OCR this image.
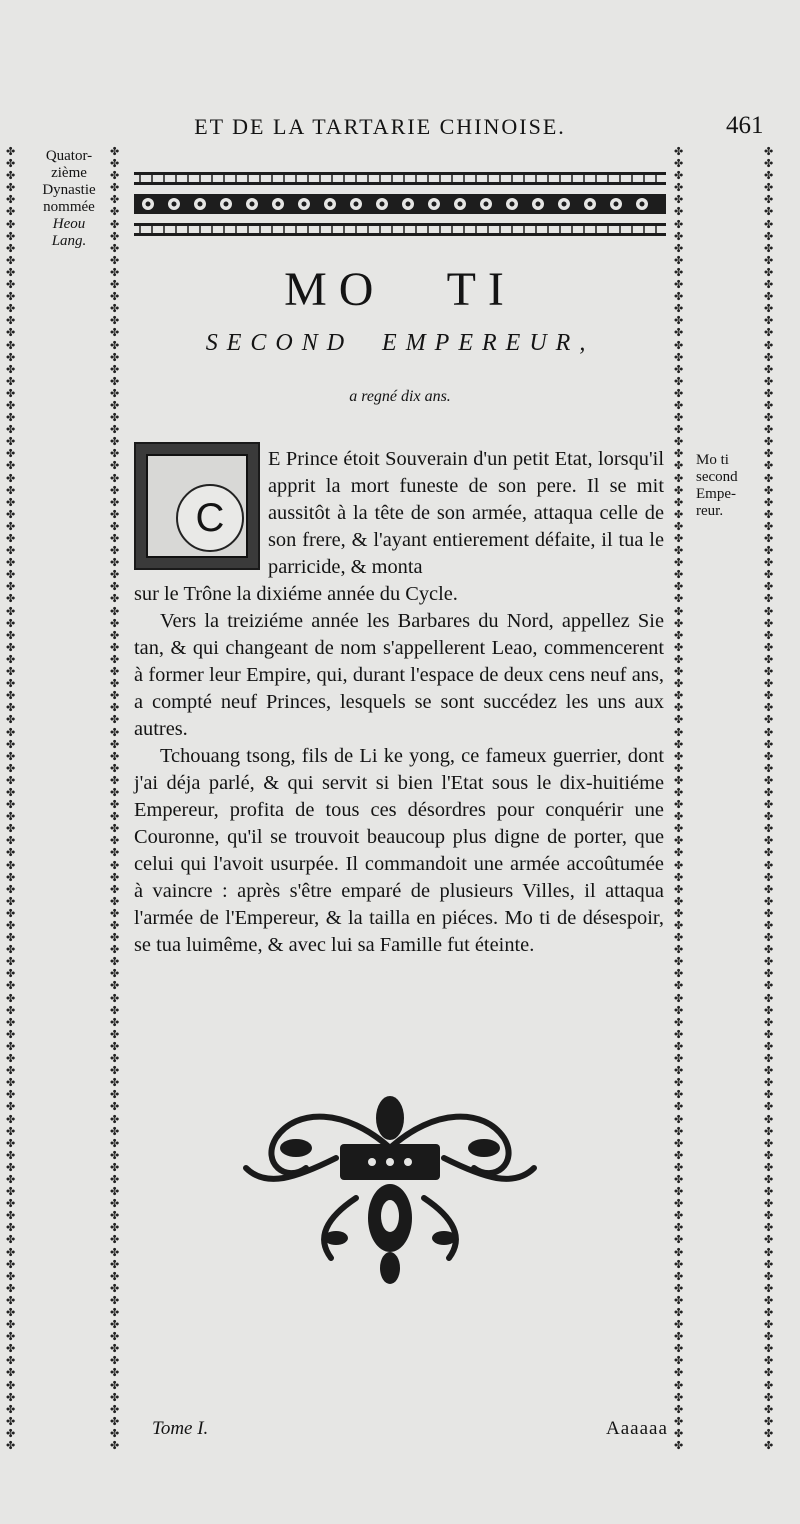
ET DE LA TARTARIE CHINOISE.	461
✤✤✤✤✤✤✤✤✤✤✤✤✤✤✤✤✤✤✤✤✤✤✤✤✤✤✤✤✤✤✤✤✤✤✤✤✤✤✤✤✤✤✤✤✤✤✤✤✤✤✤✤✤✤✤✤✤✤✤✤✤✤✤✤✤✤✤✤✤✤✤✤✤✤✤✤✤✤✤✤✤✤✤✤✤✤✤✤✤✤✤✤✤✤✤✤✤✤✤✤✤✤✤✤✤✤✤✤
✤✤✤✤✤✤✤✤✤✤✤✤✤✤✤✤✤✤✤✤✤✤✤✤✤✤✤✤✤✤✤✤✤✤✤✤✤✤✤✤✤✤✤✤✤✤✤✤✤✤✤✤✤✤✤✤✤✤✤✤✤✤✤✤✤✤✤✤✤✤✤✤✤✤✤✤✤✤✤✤✤✤✤✤✤✤✤✤✤✤✤✤✤✤✤✤✤✤✤✤✤✤✤✤✤✤✤✤
✤✤✤✤✤✤✤✤✤✤✤✤✤✤✤✤✤✤✤✤✤✤✤✤✤✤✤✤✤✤✤✤✤✤✤✤✤✤✤✤✤✤✤✤✤✤✤✤✤✤✤✤✤✤✤✤✤✤✤✤✤✤✤✤✤✤✤✤✤✤✤✤✤✤✤✤✤✤✤✤✤✤✤✤✤✤✤✤✤✤✤✤✤✤✤✤✤✤✤✤✤✤✤✤✤✤✤✤
✤✤✤✤✤✤✤✤✤✤✤✤✤✤✤✤✤✤✤✤✤✤✤✤✤✤✤✤✤✤✤✤✤✤✤✤✤✤✤✤✤✤✤✤✤✤✤✤✤✤✤✤✤✤✤✤✤✤✤✤✤✤✤✤✤✤✤✤✤✤✤✤✤✤✤✤✤✤✤✤✤✤✤✤✤✤✤✤✤✤✤✤✤✤✤✤✤✤✤✤✤✤✤✤✤✤✤✤
Quator-
zième
Dynastie
nommée
Heou
Lang.
Mo ti
second
Empe-
reur.
MO TI
SECOND EMPEREUR,
a regné dix ans.
C

E Prince étoit Souverain d'un petit Etat, lorsqu'il apprit la mort funeste de son pere. Il se mit aussitôt à la tête de son armée, attaqua celle de son frere, & l'ayant entierement défaite, il tua le parricide, & monta

sur le Trône la dixiéme année du Cycle.

Vers la treiziéme année les Barbares du Nord, appellez Sie tan, & qui changeant de nom s'appellerent Leao, commencerent à former leur Empire, qui, durant l'espace de deux cens neuf ans, a compté neuf Princes, lesquels se sont succédez les uns aux autres.

Tchouang tsong, fils de Li ke yong, ce fameux guerrier, dont j'ai déja parlé, & qui servit si bien l'Etat sous le dix-huitiéme Empereur, profita de tous ces désordres pour conquérir une Couronne, qu'il se trouvoit beaucoup plus digne de porter, que celui qui l'avoit usurpée. Il commandoit une armée accoûtumée à vaincre : après s'être emparé de plusieurs Villes, il attaqua l'armée de l'Empereur, & la tailla en piéces. Mo ti de désespoir, se tua luimême, & avec lui sa Famille fut éteinte.

Tome I.	Aaaaaa
